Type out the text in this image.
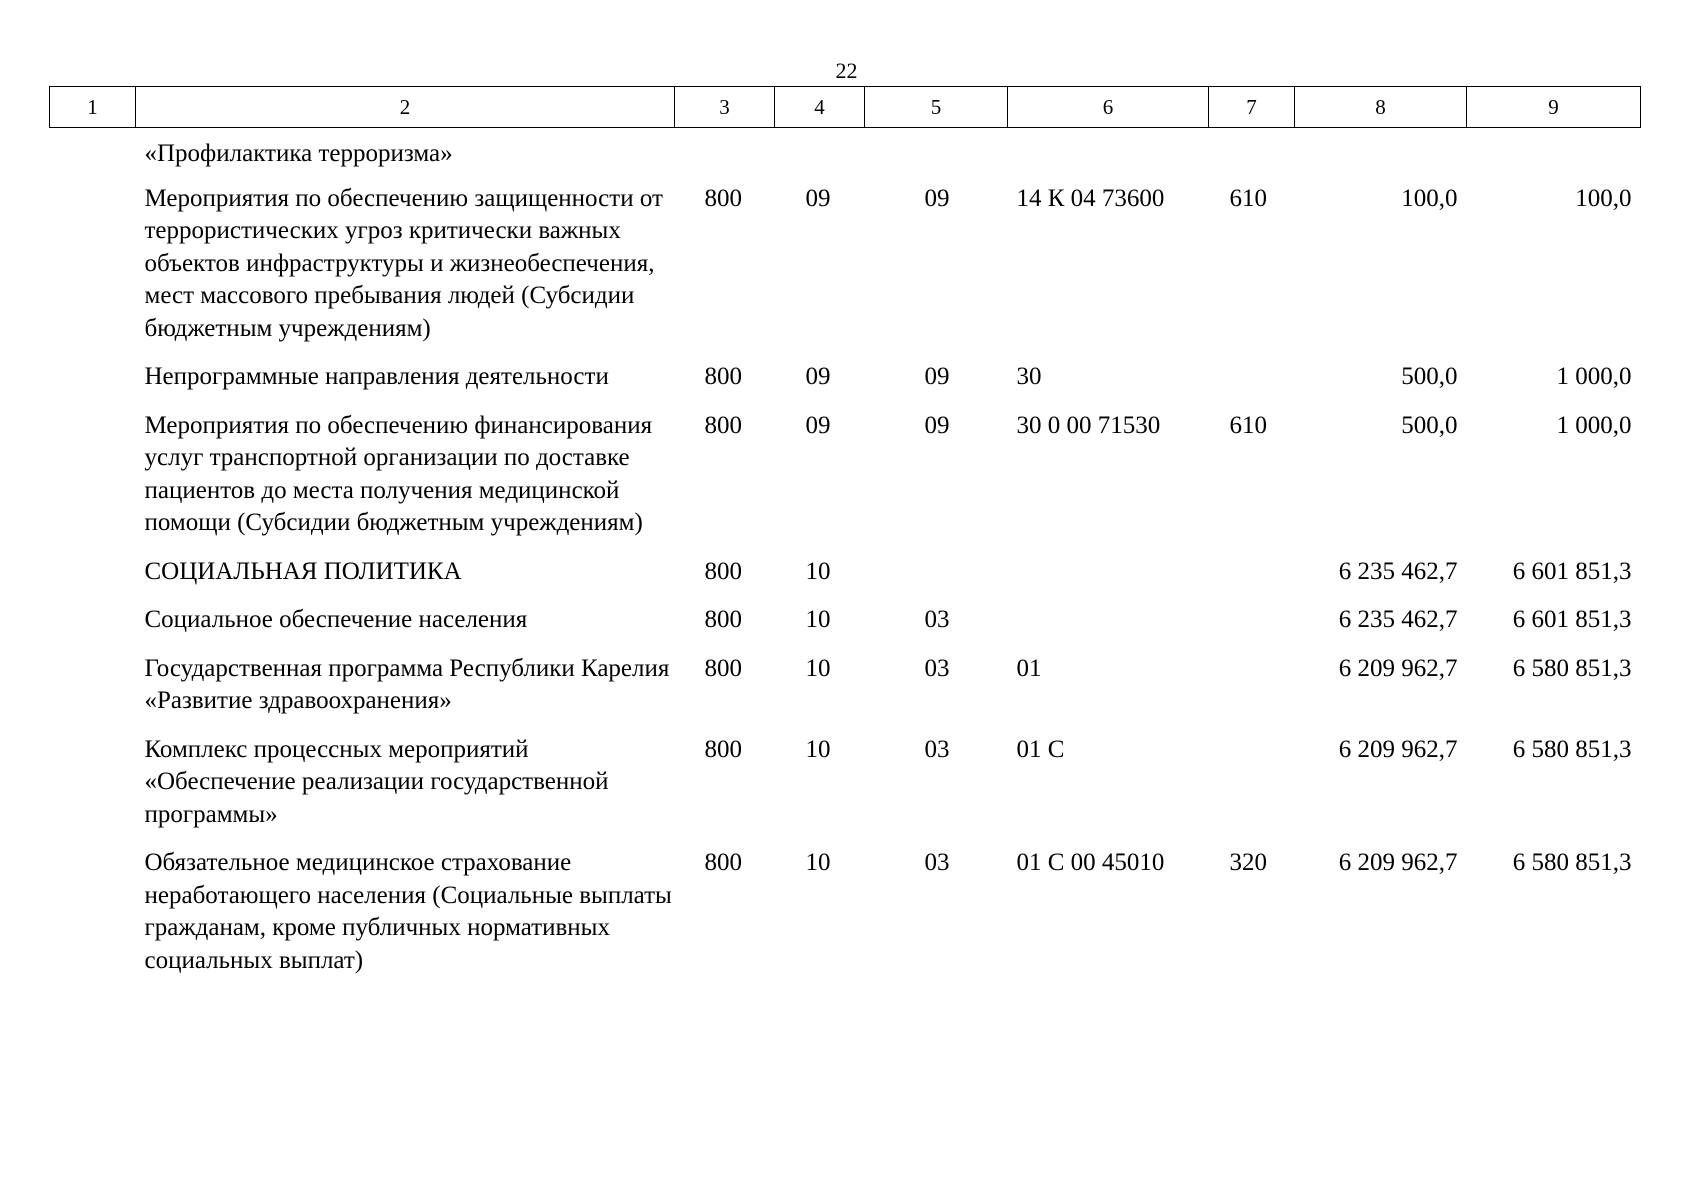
22
1	2	3	4	5	6	7	8	9
	«Профилактика терроризма»							
	Мероприятия по обеспечению защищенности от террористических угроз критически важных объектов инфраструктуры и жизнеобеспечения, мест массового пребывания людей (Субсидии бюджетным учреждениям)	800	09	09	14 К 04 73600	610	100,0	100,0
	Непрограммные направления деятельности	800	09	09	30		500,0	1 000,0
	Мероприятия по обеспечению финансирования услуг транспортной организации по доставке пациентов до места получения медицинской помощи (Субсидии бюджетным учреждениям)	800	09	09	30 0 00 71530	610	500,0	1 000,0
	СОЦИАЛЬНАЯ ПОЛИТИКА	800	10				6 235 462,7	6 601 851,3
	Социальное обеспечение населения	800	10	03			6 235 462,7	6 601 851,3
	Государственная программа Республики Карелия «Развитие здравоохранения»	800	10	03	01		6 209 962,7	6 580 851,3
	Комплекс процессных мероприятий «Обеспечение реализации государственной программы»	800	10	03	01 С		6 209 962,7	6 580 851,3
	Обязательное медицинское страхование неработающего населения (Социальные выплаты гражданам, кроме публичных нормативных социальных выплат)	800	10	03	01 С 00 45010	320	6 209 962,7	6 580 851,3
